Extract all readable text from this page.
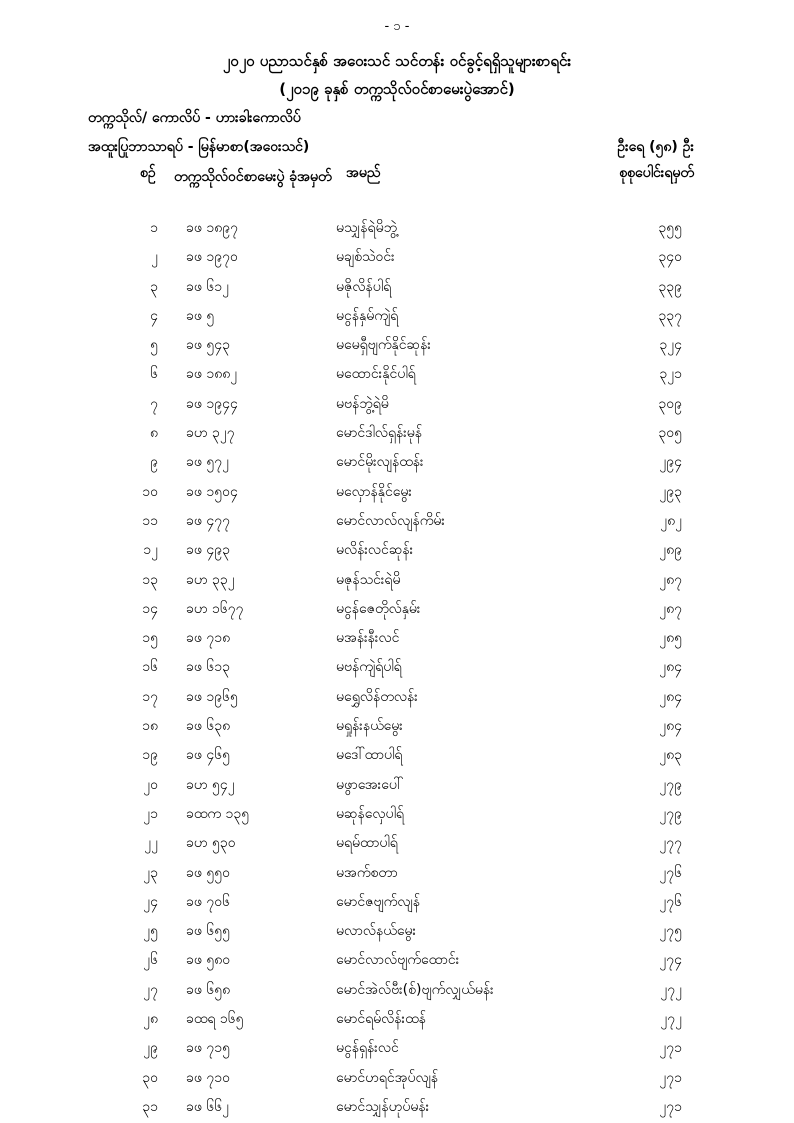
- ၁ -
၂၀၂၀ ပညာသင်နှစ် အဝေးသင် သင်တန်း ဝင်ခွင့်ရရှိသူများစာရင်း
(၂၀၁၉ ခုနှစ် တက္ကသိုလ်ဝင်စာမေးပွဲအောင်)
တက္ကသိုလ်/ ကောလိပ် - ဟားခါးကောလိပ်
အထူးပြုဘာသာရပ် - မြန်မာစာ(အဝေးသင်)	ဦးရေ (၅၈) ဦး
စဉ် တက္ကသိုလ်ဝင်စာမေးပွဲ ခုံအမှတ် အမည်	စုစုပေါင်းရမှတ်
၁ ခဖ ၁၈၉၇	မသျှန်ရဲမိဘွဲ့	၃၅၅
၂ ခဖ ၁၉၇၀	မချစ်သဲဝင်း	၃၄၀
၃ ခဖ ၆၁၂	မဇိုလိန်ပါရ်	၃၃၉
၄ ခဖ ၅	မငွန်နှမ်ကျဲရ်	၃၃၇
၅ ခဖ ၅၄၃	မမေရှီဗျက်နိုင်ဆုန်း	၃၂၄
၆ ခဖ ၁၈၈၂	မထောင်းနိုင်ပါရ်	၃၂၁
၇ ခဖ ၁၉၄၄	မဗန်ဘွဲ့ရဲမိ	၃၀၉
၈ ခဟ ၃၂၇	မောင်ဒါလ်ရှန်းမုန်	၃၀၅
၉ ခဖ ၅၇၂	မောင်မိုးလျန်ထန်း	၂၉၄
၁၀ ခဖ ၁၅၀၄	မလှောန်နိုင်မွေး	၂၉၃
၁၁ ခဖ ၄၇၇	မောင်လာလ်လျန်ကိမ်း	၂၈၂
၁၂ ခဖ ၄၉၃	မလိန်းလင်ဆုန်း	၂၈၉
၁၃ ခဟ ၃၃၂	မဇုန်သင်းရဲမိ	၂၈၇
၁၄ ခဟ ၁၆၇၇	မငွန်ဇေတိုလ်နှမ်း	၂၈၇
၁၅ ခဖ ၇၁၈	မအန်းနီးလင်	၂၈၅
၁၆ ခဖ ၆၁၃	မဗန်ကျဲရ်ပါရ်	၂၈၄
၁၇ ခဖ ၁၉၆၅	မရွှေလိန်တလန်း	၂၈၄
၁၈ ခဖ ၆၃၈	မရှုန်းနယ်မွေး	၂၈၄
၁၉ ခဖ ၄၆၅	မဒေါ်ထာပါရ်	၂၈၃
၂၀ ခဟ ၅၄၂	မဖွာအေးပေါ်	၂၇၉
၂၁ ခထက ၁၃၅	မဆုန်လှေပါရ်	၂၇၉
၂၂ ခဟ ၅၃၀	မရမ်ထာပါရ်	၂၇၇
၂၃ ခဖ ၅၅၀	မအက်စတာ	၂၇၆
၂၄ ခဖ ၇၀၆	မောင်ဇဗျက်လျန်	၂၇၆
၂၅ ခဖ ၆၅၅	မလာလ်နယ်မွေး	၂၇၅
၂၆ ခဖ ၅၈၀	မောင်လာလ်ဗျက်ထောင်း	၂၇၄
၂၇ ခဖ ၆၅၈	မောင်အဲလ်ဗီး(စ်)ဗျက်လျှယ်မန်း	၂၇၂
၂၈ ခထရ ၁၆၅	မောင်ရမ်လိန်းထန်	၂၇၂
၂၉ ခဖ ၇၁၅	မငွန်ရှန်းလင်	၂၇၁
၃၀ ခဖ ၇၁၀	မောင်ဟရင်အုပ်လျန်	၂၇၁
၃၁ ခဖ ၆၆၂	မောင်သျှန်ဟုပ်မန်း	၂၇၁
